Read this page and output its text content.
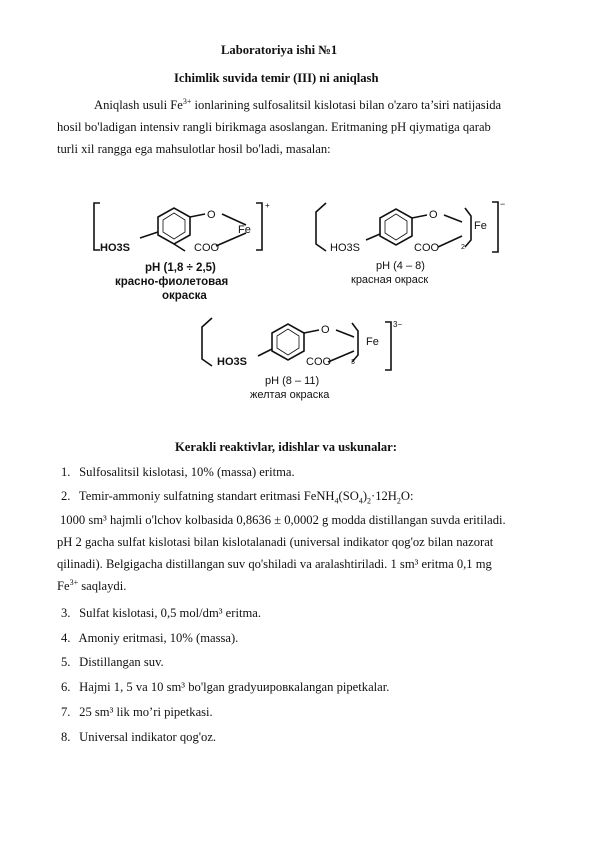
Laboratoriya ishi №1
Ichimlik suvida temir (III) ni aniqlash
Aniqlash usuli $Fe^{3+}$ ionlarining sulfosalitsil kislotasi bilan o'zaro ta’siri natijasida
hosil bo'ladigan intensiv rangli birikmaga asoslangan. Eritmaning pH qiymatiga qarab
turli xil rangga ega mahsulotlar hosil bo'ladi, masalan:
HO3S
O
COO
Fe
+
pH (1,8 ÷ 2,5)
красно-фиолетовая
окраска
HO3S
O
COO	2
Fe
−
pH (4 – 8)
красная окраск
HO3S
O
COO	3
Fe
3−
pH (8 – 11)
желтая окраска
Kerakli reaktivlar, idishlar va uskunalar:
1. Sulfosalitsil kislotasi, 10% (massa) eritma.
2. Temir-ammoniy sulfatning standart eritmasi $FeNH_4(SO_4)_2\cdot 12H_2O$:
1000 sm³ hajmli o'lchov kolbasida 0,8636 ± 0,0002 g modda distillangan suvda eritiladi.
pH 2 gacha sulfat kislotasi bilan kislotalanadi (universal indikator qog'oz bilan nazorat
qilinadi). Belgigacha distillangan suv qo'shiladi va aralashtiriladi. 1 sm³ eritma 0,1 mg
$Fe^{3+}$ saqlaydi.
3. Sulfat kislotasi, 0,5 mol/dm³ eritma.
4. Amoniy eritmasi, 10% (massa).
5. Distillangan suv.
6. Hajmi 1, 5 va 10 sm³ bo'lgan gradyuировкalangan pipetkalar.
7. 25 sm³ lik mo’ri pipetkasi.
8. Universal indikator qog'oz.
